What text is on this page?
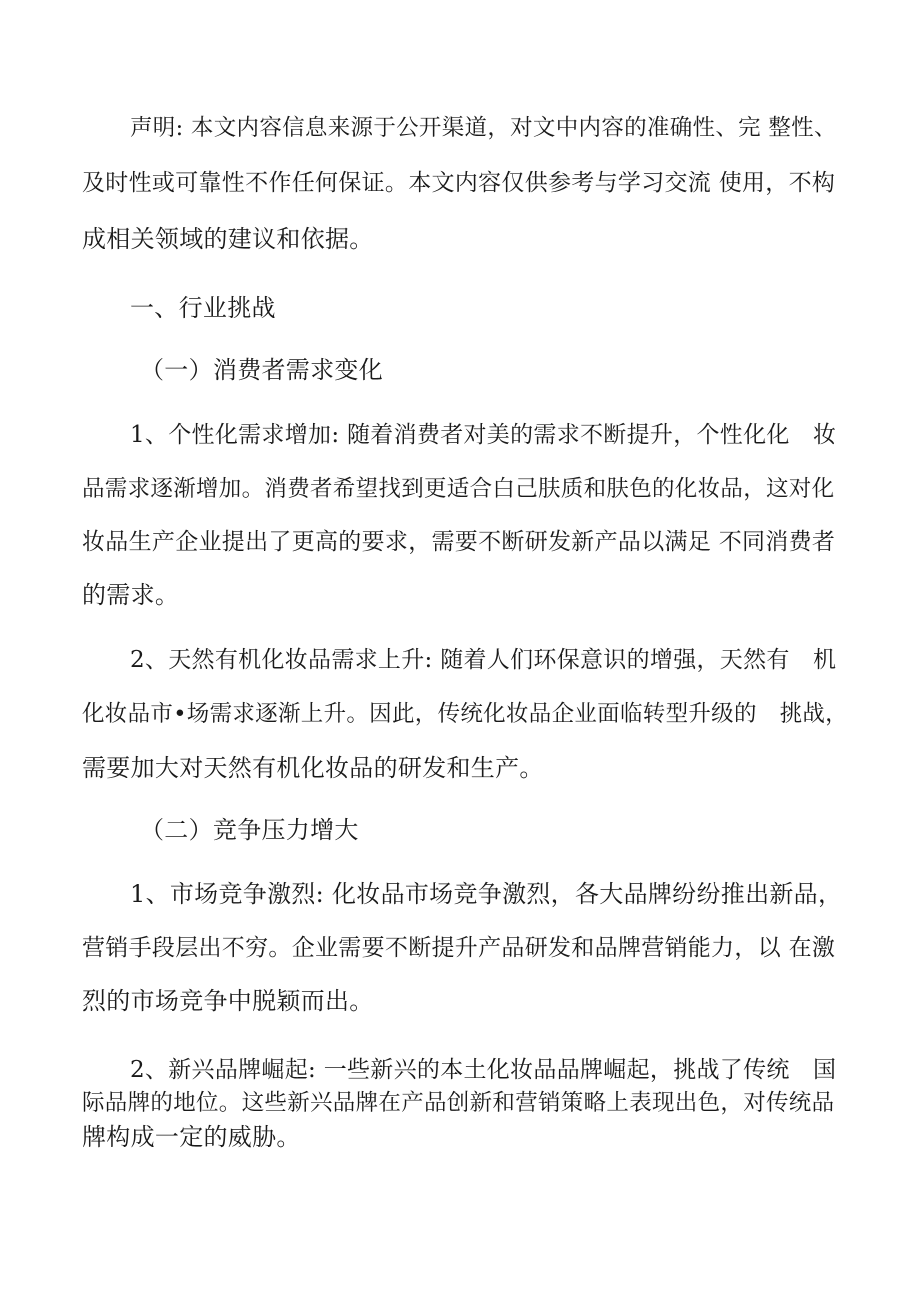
声明: 本文内容信息来源于公开渠道，对文中内容的准确性、完 整性、
及时性或可靠性不作任何保证。本文内容仅供参考与学习交流 使用，不构
成相关领域的建议和依据。
一、行业挑战
（一）消费者需求变化
1、个性化需求增加: 随着消费者对美的需求不断提升，个性化化　妆
品需求逐渐增加。消费者希望找到更适合白己肤质和肤色的化妆品，这对化
妆品生产企业提出了更高的要求，需要不断研发新产品以满足 不同消费者
的需求。
2、天然有机化妆品需求上升: 随着人们环保意识的增强，天然有　机
化妆品市•场需求逐渐上升。因此，传统化妆品企业面临转型升级的　挑战，
需要加大对天然有机化妆品的研发和生产。
（二）竞争压力增大
1、市场竞争激烈: 化妆品市场竞争激烈，各大品牌纷纷推出新品，
营销手段层出不穷。企业需要不断提升产品研发和品牌营销能力，以 在激
烈的市场竞争中脱颖而出。
2、新兴品牌崛起: 一些新兴的本土化妆品品牌崛起，挑战了传统　国
际品牌的地位。这些新兴品牌在产品创新和营销策略上表现出色，对传统品
牌构成一定的威胁。
